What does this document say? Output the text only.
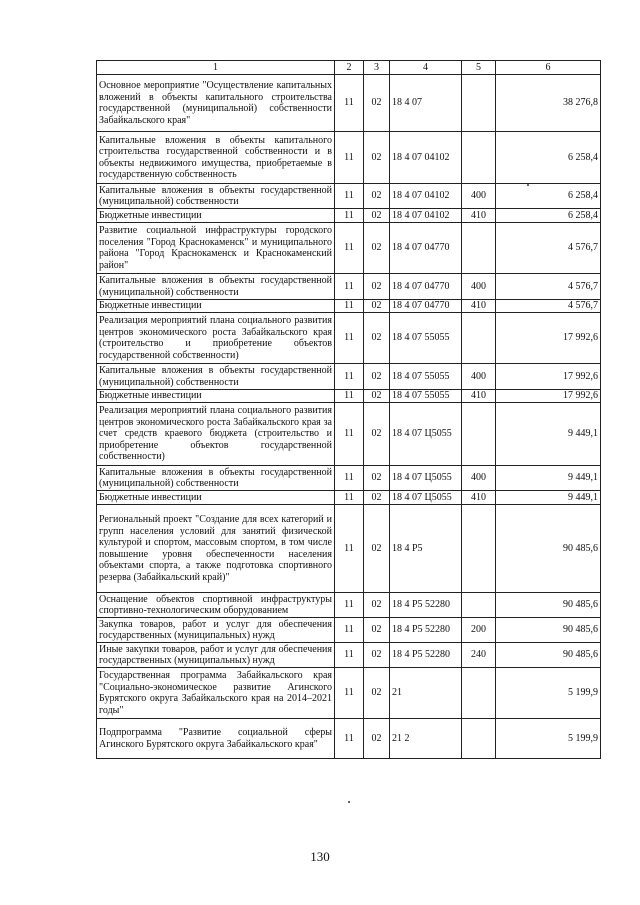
1	2	3	4	5	6
Основное мероприятие "Осуществление капитальных вложений в объекты капитального строительства государственной (муниципальной) собственности Забайкальского края"	11	02	18 4 07		38 276,8
Капитальные вложения в объекты капитального строительства государственной собственности и в объекты недвижимого имущества, приобретаемые в государственную собственность	11	02	18 4 07 04102		6 258,4
Капитальные вложения в объекты государственной (муниципальной) собственности	11	02	18 4 07 04102	400	6 258,4
Бюджетные инвестиции	11	02	18 4 07 04102	410	6 258,4
Развитие социальной инфраструктуры городского поселения "Город Краснокаменск" и муниципального района "Город Краснокаменск и Краснокаменский район"	11	02	18 4 07 04770		4 576,7
Капитальные вложения в объекты государственной (муниципальной) собственности	11	02	18 4 07 04770	400	4 576,7
Бюджетные инвестиции	11	02	18 4 07 04770	410	4 576,7
Реализация мероприятий плана социального развития центров экономического роста Забайкальского края (строительство и приобретение объектов государственной собственности)	11	02	18 4 07 55055		17 992,6
Капитальные вложения в объекты государственной (муниципальной) собственности	11	02	18 4 07 55055	400	17 992,6
Бюджетные инвестиции	11	02	18 4 07 55055	410	17 992,6
Реализация мероприятий плана социального развития центров экономического роста Забайкальского края за счет средств краевого бюджета (строительство и приобретение объектов государственной собственности)	11	02	18 4 07 Ц5055		9 449,1
Капитальные вложения в объекты государственной (муниципальной) собственности	11	02	18 4 07 Ц5055	400	9 449,1
Бюджетные инвестиции	11	02	18 4 07 Ц5055	410	9 449,1
Региональный проект "Создание для всех категорий и групп населения условий для занятий физической культурой и спортом, массовым спортом, в том числе повышение уровня обеспеченности населения объектами спорта, а также подготовка спортивного резерва (Забайкальский край)"	11	02	18 4 P5		90 485,6
Оснащение объектов спортивной инфраструктуры спортивно-технологическим оборудованием	11	02	18 4 P5 52280		90 485,6
Закупка товаров, работ и услуг для обеспечения государственных (муниципальных) нужд	11	02	18 4 P5 52280	200	90 485,6
Иные закупки товаров, работ и услуг для обеспечения государственных (муниципальных) нужд	11	02	18 4 P5 52280	240	90 485,6
Государственная программа Забайкальского края "Социально-экономическое развитие Агинского Бурятского округа Забайкальского края на 2014–2021 годы"	11	02	21		5 199,9
Подпрограмма "Развитие социальной сферы Агинского Бурятского округа Забайкальского края"	11	02	21 2		5 199,9
130
